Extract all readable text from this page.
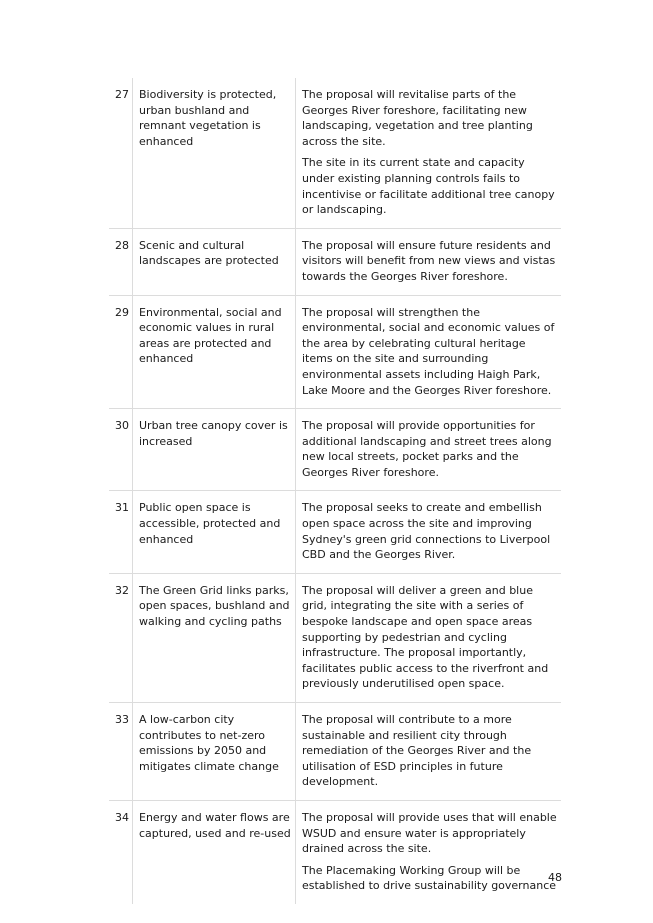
27 Biodiversity is protected, urban bushland and remnant vegetation is enhanced

The proposal will revitalise parts of the Georges River foreshore, facilitating new landscaping, vegetation and tree planting across the site.

The site in its current state and capacity under existing planning controls fails to incentivise or facilitate additional tree canopy or landscaping.

28 Scenic and cultural landscapes are protected

The proposal will ensure future residents and visitors will benefit from new views and vistas towards the Georges River foreshore.

29 Environmental, social and economic values in rural areas are protected and enhanced

The proposal will strengthen the environmental, social and economic values of the area by celebrating cultural heritage items on the site and surrounding environmental assets including Haigh Park, Lake Moore and the Georges River foreshore.

30 Urban tree canopy cover is increased

The proposal will provide opportunities for additional landscaping and street trees along new local streets, pocket parks and the Georges River foreshore.

31 Public open space is accessible, protected and enhanced

The proposal seeks to create and embellish open space across the site and improving Sydney's green grid connections to Liverpool CBD and the Georges River.

32 The Green Grid links parks, open spaces, bushland and walking and cycling paths

The proposal will deliver a green and blue grid, integrating the site with a series of bespoke landscape and open space areas supporting by pedestrian and cycling infrastructure. The proposal importantly, facilitates public access to the riverfront and previously underutilised open space.

33 A low-carbon city contributes to net-zero emissions by 2050 and mitigates climate change

The proposal will contribute to a more sustainable and resilient city through remediation of the Georges River and the utilisation of ESD principles in future development.

34 Energy and water flows are captured, used and re-used

The proposal will provide uses that will enable WSUD and ensure water is appropriately drained across the site.

The Placemaking Working Group will be established to drive sustainability governance

48
